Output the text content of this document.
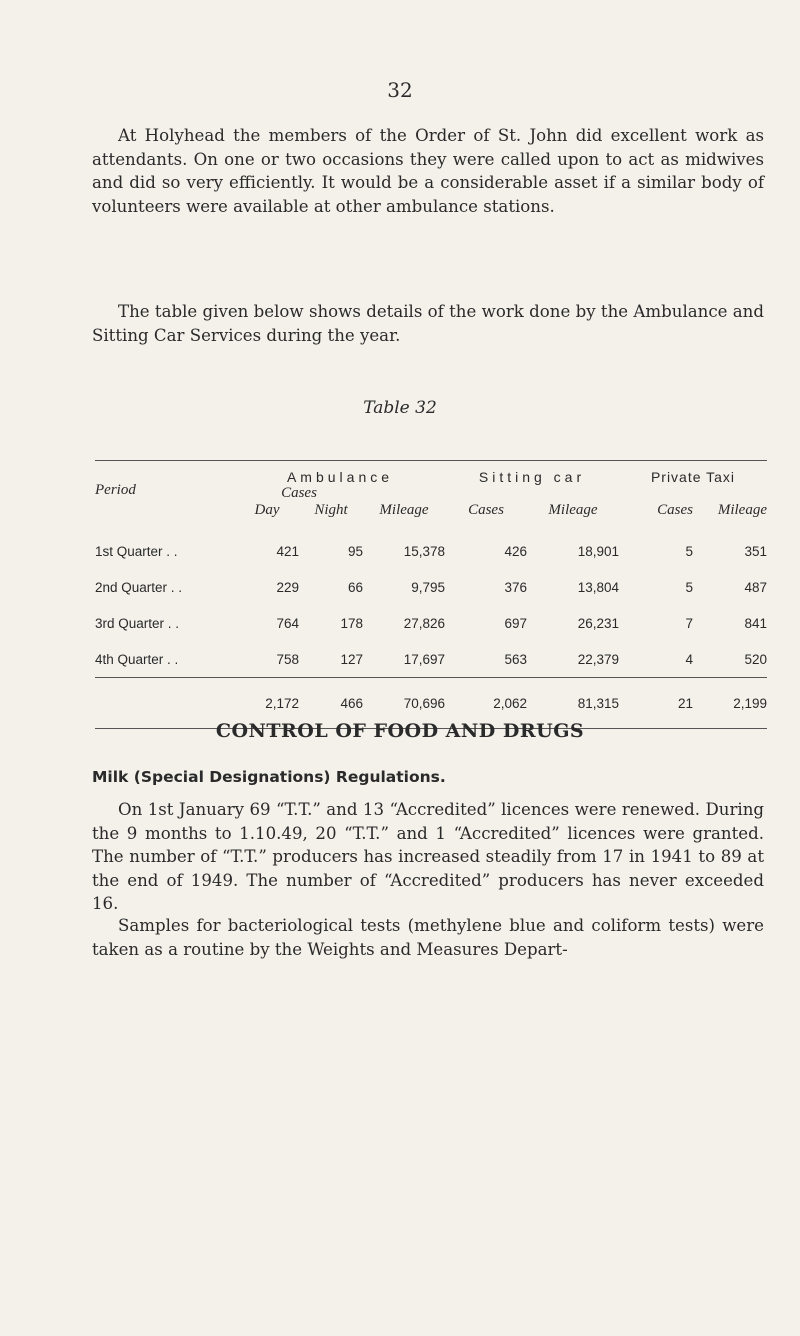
32

At Holyhead the members of the Order of St. John did excellent work as attendants. On one or two occasions they were called upon to act as midwives and did so very efficiently. It would be a considerable asset if a similar body of volunteers were available at other ambulance stations.

The table given below shows details of the work done by the Ambulance and Sitting Car Services during the year.

Table 32
Period	Ambulance			Sitting car		Private Taxi	
	Cases						
	Day	Night	Mileage	Cases	Mileage	Cases	Mileage
1st Quarter . .	421	95	15,378	426	18,901	5	351
2nd Quarter . .	229	66	9,795	376	13,804	5	487
3rd Quarter . .	764	178	27,826	697	26,231	7	841
4th Quarter . .	758	127	17,697	563	22,379	4	520
	2,172	466	70,696	2,062	81,315	21	2,199
CONTROL OF FOOD AND DRUGS
Milk (Special Designations) Regulations.

On 1st January 69 “T.T.” and 13 “Accredited” licences were renewed. During the 9 months to 1.10.49, 20 “T.T.” and 1 “Accredited” licences were granted. The number of “T.T.” producers has increased steadily from 17 in 1941 to 89 at the end of 1949. The number of “Accredited” producers has never exceeded 16.

Samples for bacteriological tests (methylene blue and coliform tests) were taken as a routine by the Weights and Measures Depart-
